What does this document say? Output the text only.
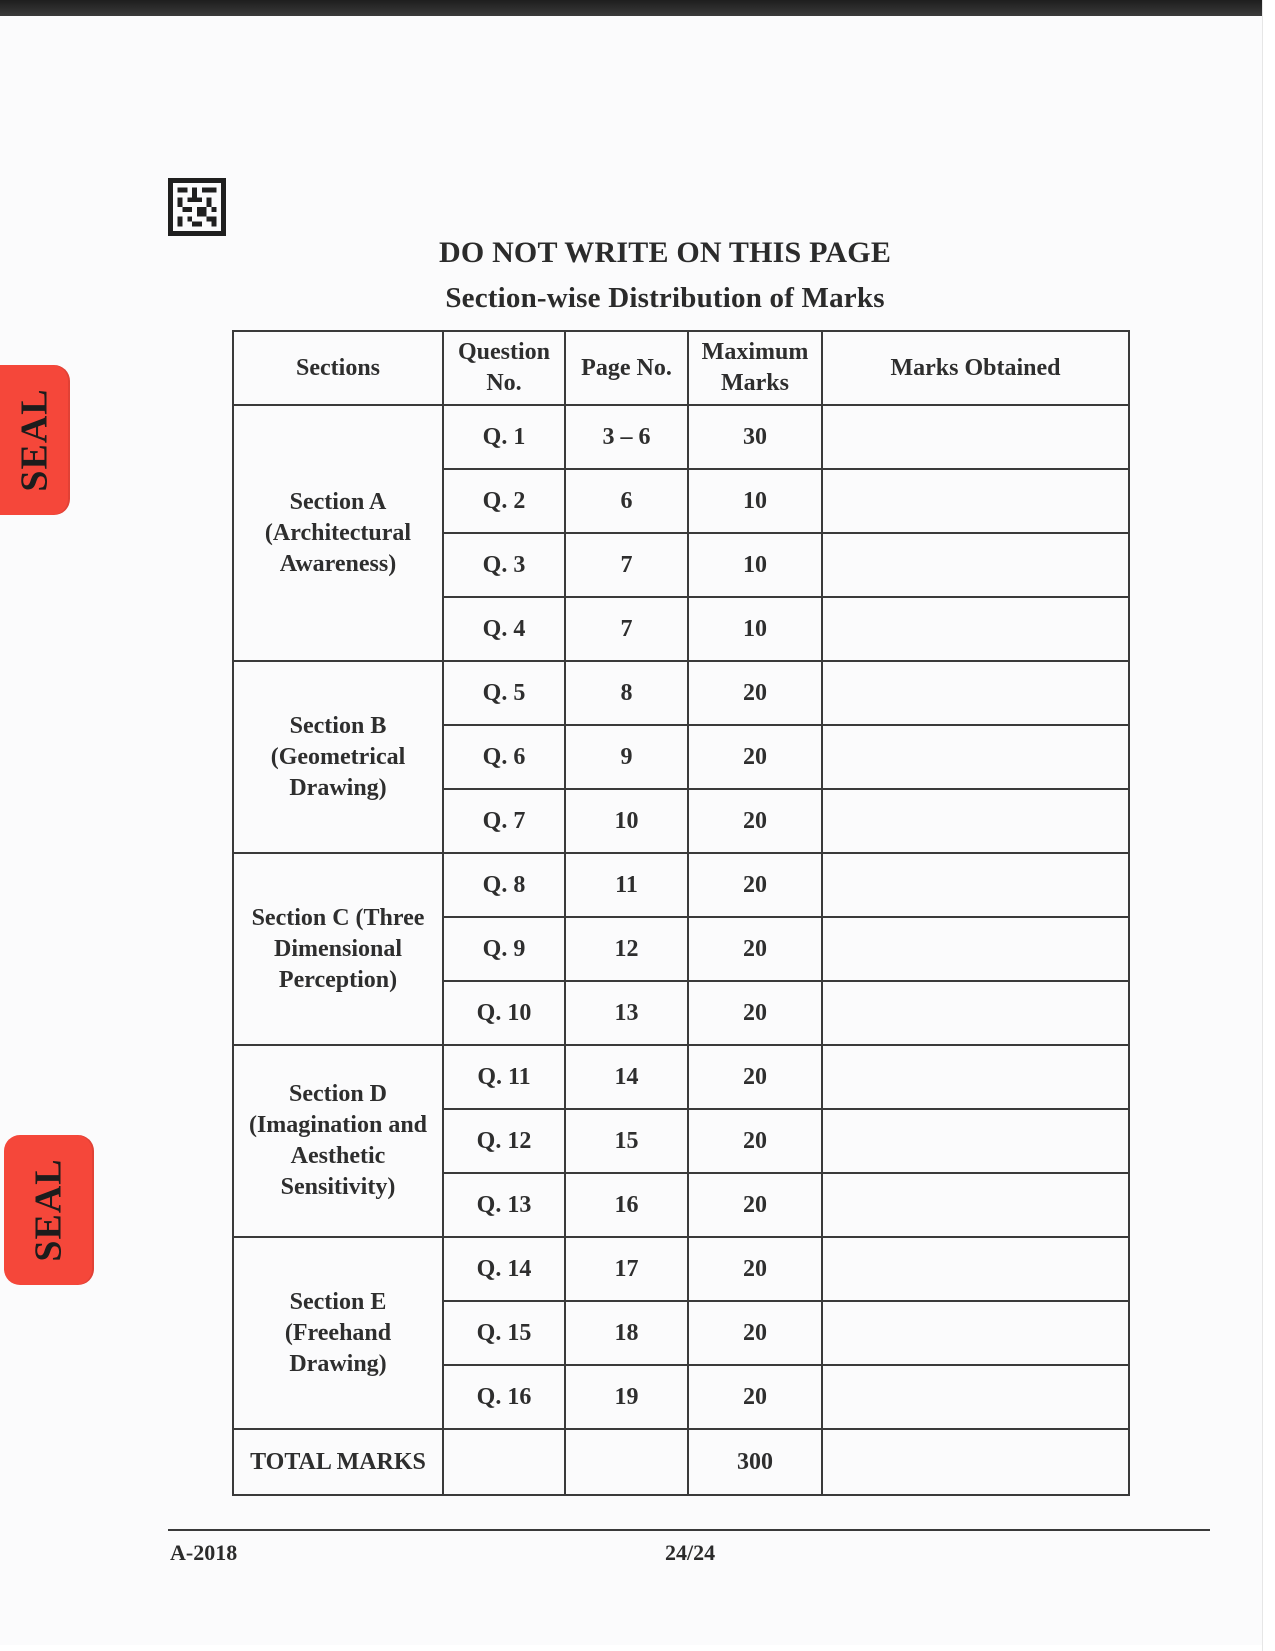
DO NOT WRITE ON THIS PAGE
Section-wise Distribution of Marks
Sections	Question No.	Page No.	Maximum Marks	Marks Obtained
Section A (Architectural Awareness)	Q. 1	3 – 6	30	
	Q. 2	6	10	
	Q. 3	7	10	
	Q. 4	7	10	
Section B (Geometrical Drawing)	Q. 5	8	20	
	Q. 6	9	20	
	Q. 7	10	20	
Section C (Three Dimensional Perception)	Q. 8	11	20	
	Q. 9	12	20	
	Q. 10	13	20	
Section D (Imagination and Aesthetic Sensitivity)	Q. 11	14	20	
	Q. 12	15	20	
	Q. 13	16	20	
Section E (Freehand Drawing)	Q. 14	17	20	
	Q. 15	18	20	
	Q. 16	19	20	
TOTAL MARKS			300	
SEAL
SEAL
A-2018	24/24
